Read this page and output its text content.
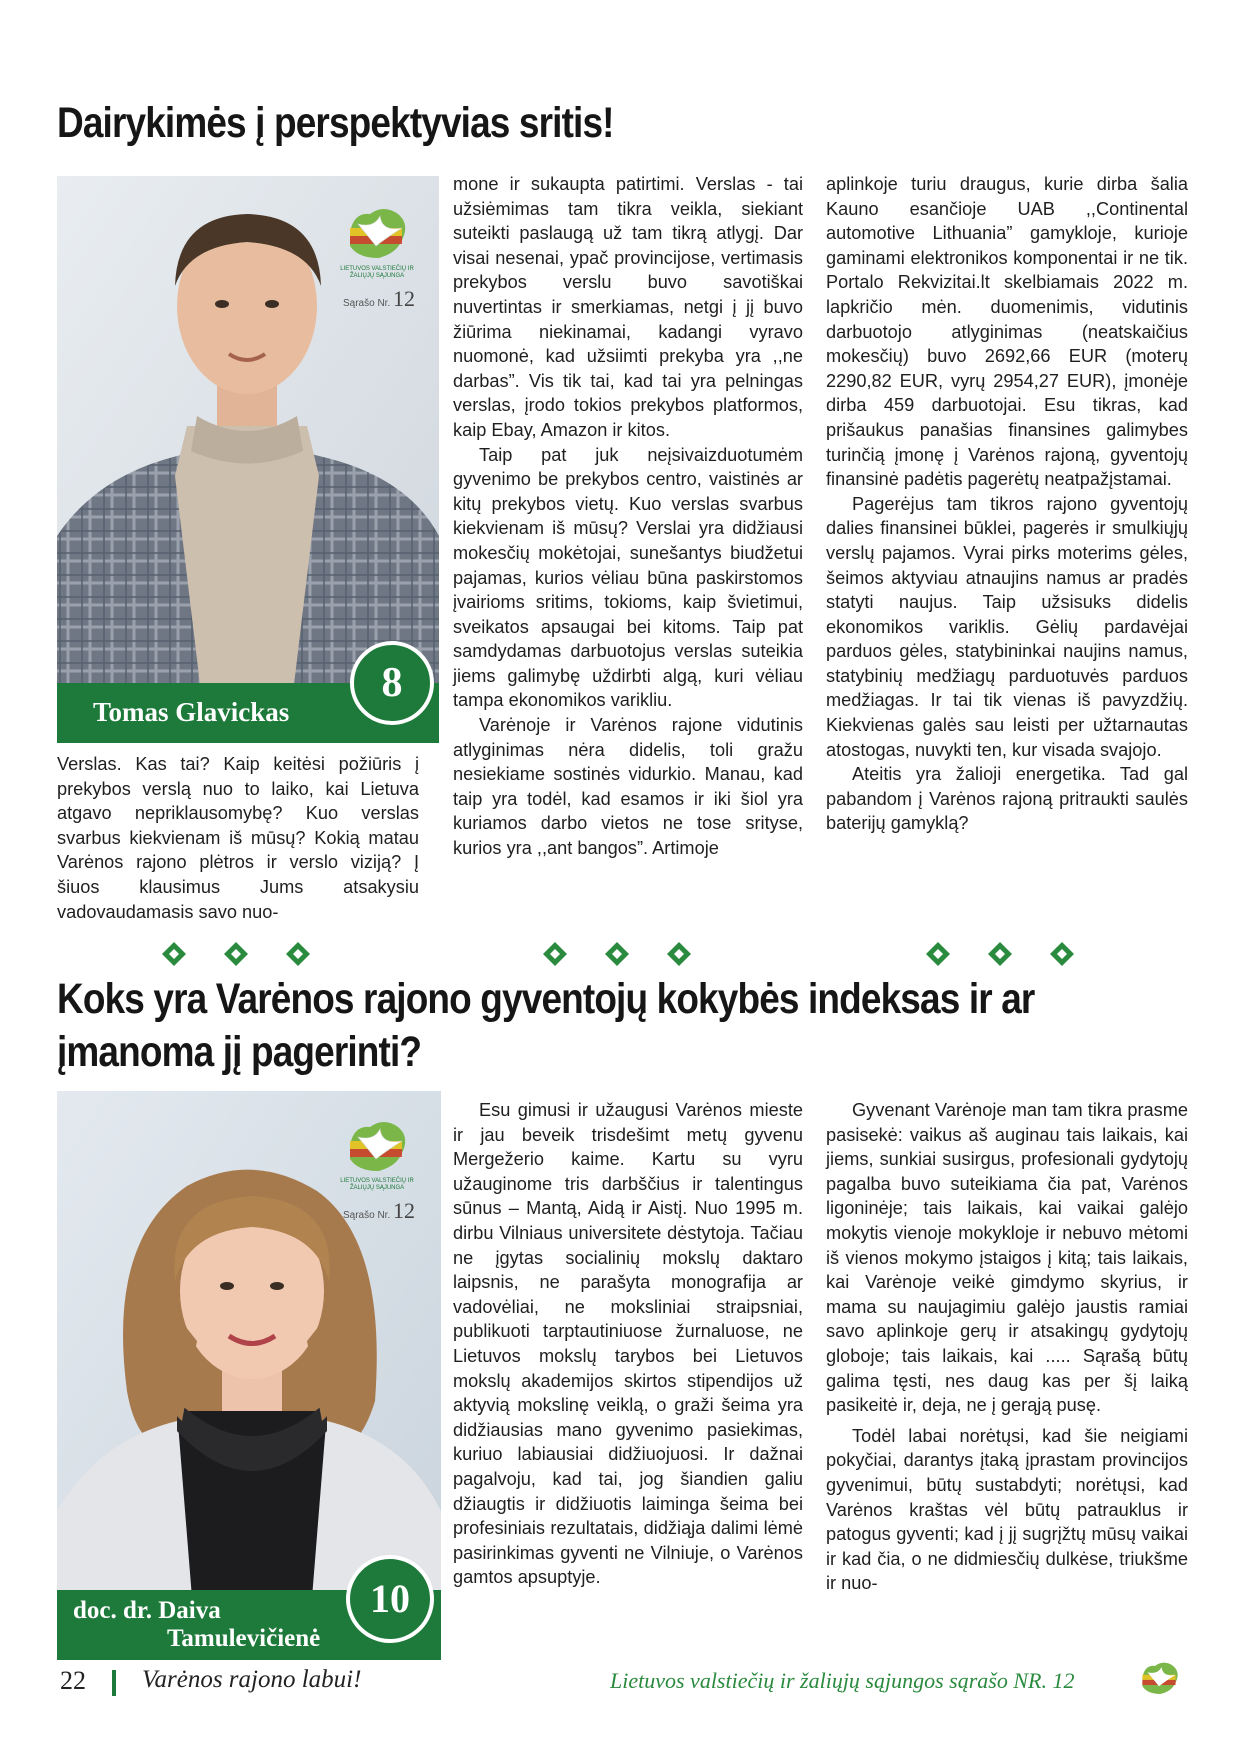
Dairykimės į perspektyvias sritis!
LIETUVOS VALSTIEČIŲ IR ŽALIŲJŲ SĄJUNGA
Sąrašo Nr. 12
Tomas Glavickas
8

Verslas. Kas tai? Kaip keitėsi požiūris į prekybos verslą nuo to laiko, kai Lietuva atgavo nepriklausomybę? Kuo verslas svarbus kiekvienam iš mūsų? Kokią matau Varėnos rajono plėtros ir verslo viziją? Į šiuos klausimus Jums atsakysiu vadovaudamasis savo nuo-

mone ir sukaupta patirtimi. Verslas - tai užsiėmimas tam tikra veikla, siekiant suteikti paslaugą už tam tikrą atlygį. Dar visai nesenai, ypač provincijose, vertimasis prekybos verslu buvo savotiškai nuvertintas ir smerkiamas, netgi į jį buvo žiūrima niekinamai, kadangi vyravo nuomonė, kad užsiimti prekyba yra ,,ne darbas”. Vis tik tai, kad tai yra pelningas verslas, įrodo tokios prekybos platformos, kaip Ebay, Amazon ir kitos.

Taip pat juk neįsivaizduotumėm gyvenimo be prekybos centro, vaistinės ar kitų prekybos vietų. Kuo verslas svarbus kiekvienam iš mūsų? Verslai yra didžiausi mokesčių mokėtojai, sunešantys biudžetui pajamas, kurios vėliau būna paskirstomos įvairioms sritims, tokioms, kaip švietimui, sveikatos apsaugai bei kitoms. Taip pat samdydamas darbuotojus verslas suteikia jiems galimybę uždirbti algą, kuri vėliau tampa ekonomikos varikliu.

Varėnoje ir Varėnos rajone vidutinis atlyginimas nėra didelis, toli gražu nesiekiame sostinės vidurkio. Manau, kad taip yra todėl, kad esamos ir iki šiol yra kuriamos darbo vietos ne tose srityse, kurios yra ,,ant bangos”. Artimoje

aplinkoje turiu draugus, kurie dirba šalia Kauno esančioje UAB ,,Continental automotive Lithuania” gamykloje, kurioje gaminami elektronikos komponentai ir ne tik. Portalo Rekvizitai.lt skelbiamais 2022 m. lapkričio mėn. duomenimis, vidutinis darbuotojo atlyginimas (neatskaičius mokesčių) buvo 2692,66 EUR (moterų 2290,82 EUR, vyrų 2954,27 EUR), įmonėje dirba 459 darbuotojai. Esu tikras, kad prišaukus panašias finansines galimybes turinčią įmonę į Varėnos rajoną, gyventojų finansinė padėtis pagerėtų neatpažįstamai.

Pagerėjus tam tikros rajono gyventojų dalies finansinei būklei, pagerės ir smulkiųjų verslų pajamos. Vyrai pirks moterims gėles, šeimos aktyviau atnaujins namus ar pradės statyti naujus. Taip užsisuks didelis ekonomikos variklis. Gėlių pardavėjai parduos gėles, statybininkai naujins namus, statybinių medžiagų parduotuvės parduos medžiagas. Ir tai tik vienas iš pavyzdžių. Kiekvienas galės sau leisti per užtarnautas atostogas, nuvykti ten, kur visada svajojo.

Ateitis yra žalioji energetika. Tad gal pabandom į Varėnos rajoną pritraukti saulės baterijų gamyklą?

Koks yra Varėnos rajono gyventojų kokybės indeksas ir ar
įmanoma jį pagerinti?
LIETUVOS VALSTIEČIŲ IR ŽALIŲJŲ SĄJUNGA
Sąrašo Nr. 12
doc. dr. Daiva
Tamulevičienė
10

Esu gimusi ir užaugusi Varėnos mieste ir jau beveik trisdešimt metų gyvenu Mergežerio kaime. Kartu su vyru užauginome tris darbščius ir talentingus sūnus – Mantą, Aidą ir Aistį. Nuo 1995 m. dirbu Vilniaus universitete dėstytoja. Tačiau ne įgytas socialinių mokslų daktaro laipsnis, ne parašyta monografija ar vadovėliai, ne moksliniai straipsniai, publikuoti tarptautiniuose žurnaluose, ne Lietuvos mokslų tarybos bei Lietuvos mokslų akademijos skirtos stipendijos už aktyvią mokslinę veiklą, o graži šeima yra didžiausias mano gyvenimo pasiekimas, kuriuo labiausiai didžiuojuosi. Ir dažnai pagalvoju, kad tai, jog šiandien galiu džiaugtis ir didžiuotis laiminga šeima bei profesiniais rezultatais, didžiąja dalimi lėmė pasirinkimas gyventi ne Vilniuje, o Varėnos gamtos apsuptyje.

Gyvenant Varėnoje man tam tikra prasme pasisekė: vaikus aš auginau tais laikais, kai jiems, sunkiai susirgus, profesionali gydytojų pagalba buvo suteikiama čia pat, Varėnos ligoninėje; tais laikais, kai vaikai galėjo mokytis vienoje mokykloje ir nebuvo mėtomi iš vienos mokymo įstaigos į kitą; tais laikais, kai Varėnoje veikė gimdymo skyrius, ir mama su naujagimiu galėjo jaustis ramiai savo aplinkoje gerų ir atsakingų gydytojų globoje; tais laikais, kai ..... Sąrašą būtų galima tęsti, nes daug kas per šį laiką pasikeitė ir, deja, ne į gerąją pusę.

Todėl labai norėtųsi, kad šie neigiami pokyčiai, darantys įtaką įprastam provincijos gyvenimui, būtų sustabdyti; norėtųsi, kad Varėnos kraštas vėl būtų patrauklus ir patogus gyventi; kad į jį sugrįžtų mūsų vaikai ir kad čia, o ne didmiesčių dulkėse, triukšme ir nuo-

22 Varėnos rajono labui!	Lietuvos valstiečių ir žaliųjų sąjungos sąrašo NR. 12
